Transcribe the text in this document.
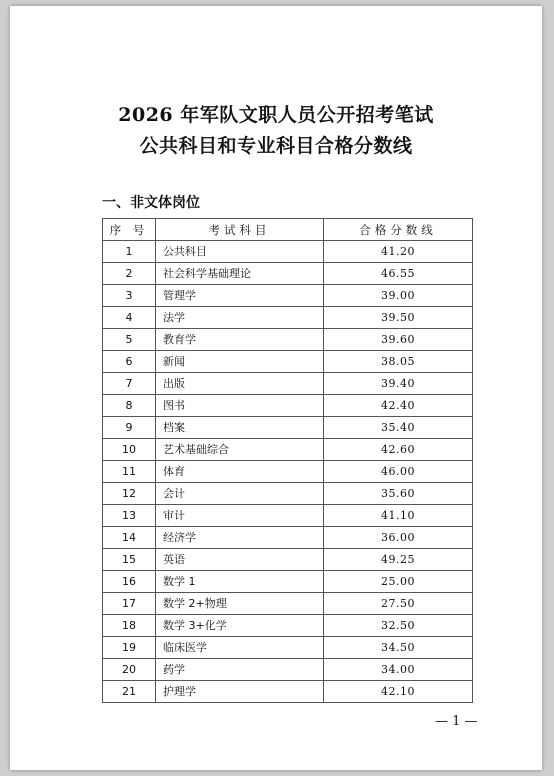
2026 年军队文职人员公开招考笔试
公共科目和专业科目合格分数线
一、非文体岗位
序 号	考试科目	合格分数线
1	公共科目	41.20
2	社会科学基础理论	46.55
3	管理学	39.00
4	法学	39.50
5	教育学	39.60
6	新闻	38.05
7	出版	39.40
8	图书	42.40
9	档案	35.40
10	艺术基础综合	42.60
11	体育	46.00
12	会计	35.60
13	审计	41.10
14	经济学	36.00
15	英语	49.25
16	数学 1	25.00
17	数学 2+物理	27.50
18	数学 3+化学	32.50
19	临床医学	34.50
20	药学	34.00
21	护理学	42.10
— 1 —
